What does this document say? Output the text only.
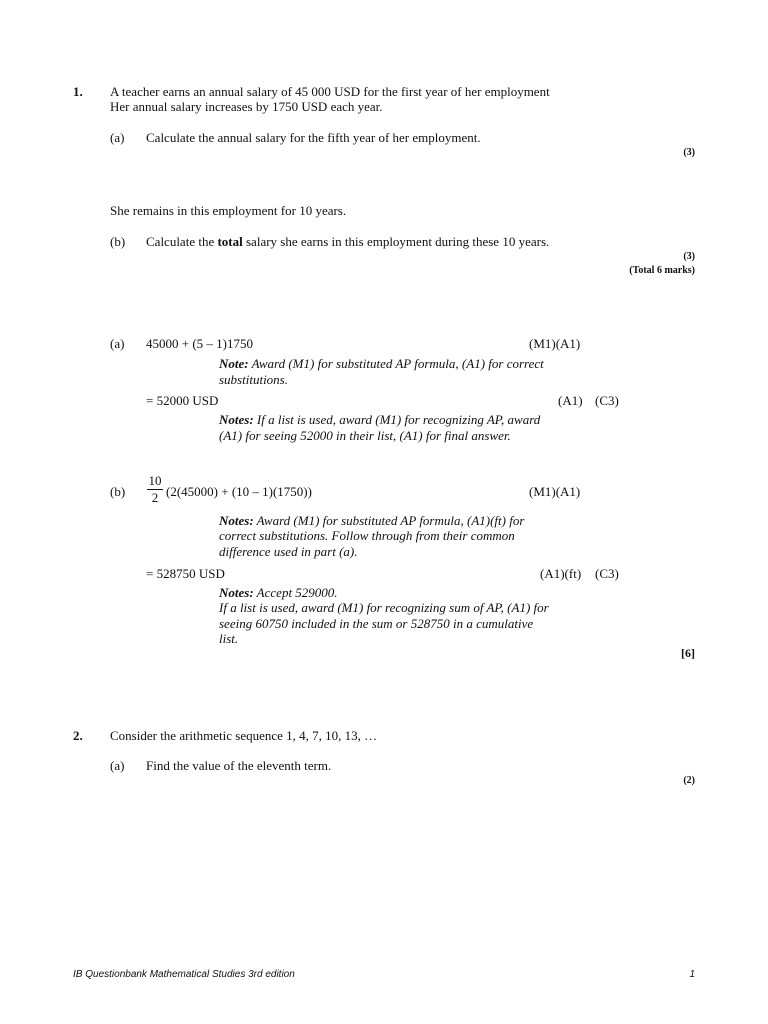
1. A teacher earns an annual salary of 45 000 USD for the first year of her employment
Her annual salary increases by 1750 USD each year.
(a) Calculate the annual salary for the fifth year of her employment.
(3)
She remains in this employment for 10 years.
(b) Calculate the total salary she earns in this employment during these 10 years.
(3)
(Total 6 marks)
(a) 45000 + (5 – 1)1750	(M1)(A1)
Note: Award (M1) for substituted AP formula, (A1) for correct
substitutions.
= 52000 USD	(A1) (C3)
Notes: If a list is used, award (M1) for recognizing AP, award
(A1) for seeing 52000 in their list, (A1) for final answer.
(b)
10
2 (2(45000) + (10 – 1)(1750))	(M1)(A1)
Notes: Award (M1) for substituted AP formula, (A1)(ft) for
correct substitutions. Follow through from their common
difference used in part (a).
= 528750 USD	(A1)(ft) (C3)
Notes: Accept 529000.
If a list is used, award (M1) for recognizing sum of AP, (A1) for
seeing 60750 included in the sum or 528750 in a cumulative
list.
[6]
2. Consider the arithmetic sequence 1, 4, 7, 10, 13, …
(a) Find the value of the eleventh term.
(2)
IB Questionbank Mathematical Studies 3rd edition	1
